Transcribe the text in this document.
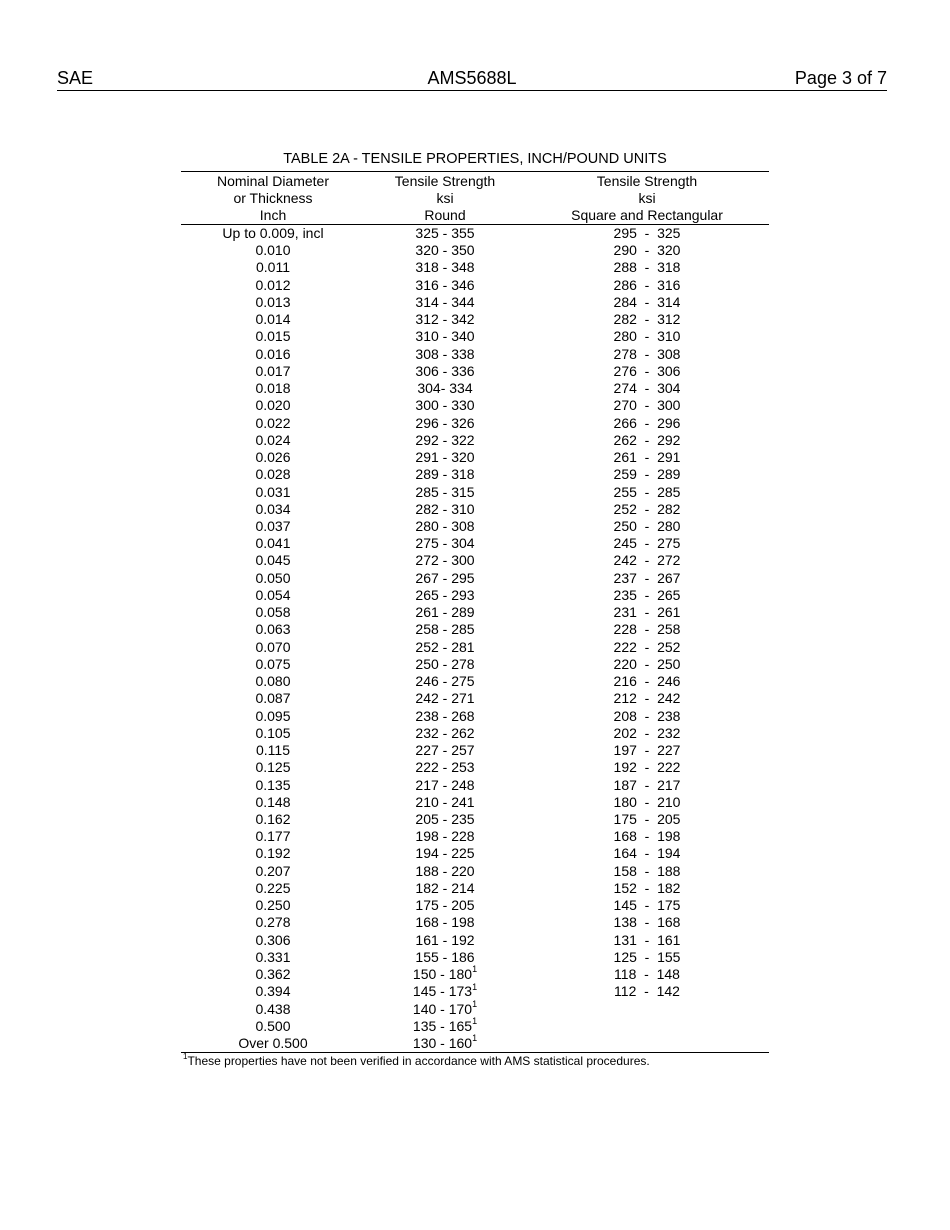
SAE	AMS5688L	Page 3 of 7
TABLE 2A - TENSILE PROPERTIES, INCH/POUND UNITS
Nominal Diameter	Tensile Strength	Tensile Strength
or Thickness	ksi	ksi
Inch	Round	Square and Rectangular
Up to 0.009, incl	325 - 355	295  -  325
0.010	320 - 350	290  -  320
0.011	318 - 348	288  -  318
0.012	316 - 346	286  -  316
0.013	314 - 344	284  -  314
0.014	312 - 342	282  -  312
0.015	310 - 340	280  -  310
0.016	308 - 338	278  -  308
0.017	306 - 336	276  -  306
0.018	304- 334	274  -  304
0.020	300 - 330	270  -  300
0.022	296 - 326	266  -  296
0.024	292 - 322	262  -  292
0.026	291 - 320	261  -  291
0.028	289 - 318	259  -  289
0.031	285 - 315	255  -  285
0.034	282 - 310	252  -  282
0.037	280 - 308	250  -  280
0.041	275 - 304	245  -  275
0.045	272 - 300	242  -  272
0.050	267 - 295	237  -  267
0.054	265 - 293	235  -  265
0.058	261 - 289	231  -  261
0.063	258 - 285	228  -  258
0.070	252 - 281	222  -  252
0.075	250 - 278	220  -  250
0.080	246 - 275	216  -  246
0.087	242 - 271	212  -  242
0.095	238 - 268	208  -  238
0.105	232 - 262	202  -  232
0.115	227 - 257	197  -  227
0.125	222 - 253	192  -  222
0.135	217 - 248	187  -  217
0.148	210 - 241	180  -  210
0.162	205 - 235	175  -  205
0.177	198 - 228	168  -  198
0.192	194 - 225	164  -  194
0.207	188 - 220	158  -  188
0.225	182 - 214	152  -  182
0.250	175 - 205	145  -  175
0.278	168 - 198	138  -  168
0.306	161 - 192	131  -  161
0.331	155 - 186	125  -  155
0.362	$150 - 180^1$	118  -  148
0.394	$145 - 173^1$	112  -  142
0.438	$140 - 170^1$	
0.500	$135 - 165^1$	
Over 0.500	$130 - 160^1$	
$^1$These properties have not been verified in accordance with AMS statistical procedures.
